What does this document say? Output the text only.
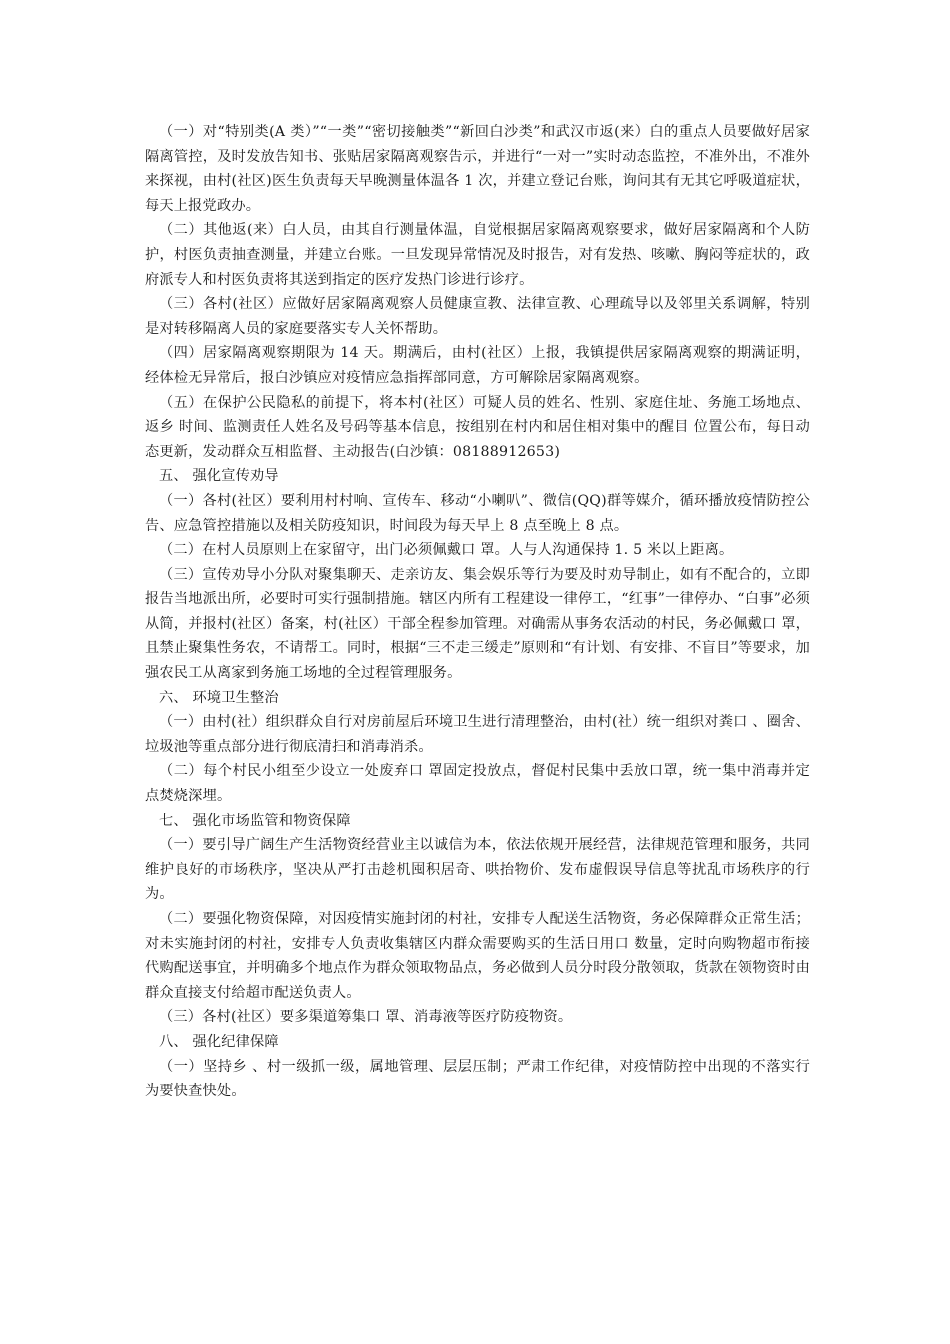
（一）对“特别类(A 类）”“一类”“密切接触类”“新回白沙类”和武汉市返(来）白的重点人员要做好居家隔离管控，及时发放告知书、张贴居家隔离观察告示，并进行“一对一”实时动态监控，不准外出，不准外来探视，由村(社区)医生负责每天早晚测量体温各 1 次，并建立登记台账，询问其有无其它呼吸道症状，每天上报党政办。

（二）其他返(来）白人员，由其自行测量体温，自觉根据居家隔离观察要求，做好居家隔离和个人防护，村医负责抽查测量，并建立台账。一旦发现异常情况及时报告，对有发热、咳嗽、胸闷等症状的，政府派专人和村医负责将其送到指定的医疗发热门诊进行诊疗。

（三）各村(社区）应做好居家隔离观察人员健康宣教、法律宣教、心理疏导以及邻里关系调解，特别是对转移隔离人员的家庭要落实专人关怀帮助。

（四）居家隔离观察期限为 14 天。期满后，由村(社区）上报，我镇提供居家隔离观察的期满证明，经体检无异常后，报白沙镇应对疫情应急指挥部同意，方可解除居家隔离观察。

（五）在保护公民隐私的前提下，将本村(社区）可疑人员的姓名、性别、家庭住址、务施工场地点、返乡 时间、监测责任人姓名及号码等基本信息，按组别在村内和居住相对集中的醒目 位置公布，每日动态更新，发动群众互相监督、主动报告(白沙镇：08188912653)

五、 强化宣传劝导

（一）各村(社区）要利用村村响、宣传车、移动“小喇叭”、微信(QQ)群等媒介，循环播放疫情防控公告、应急管控措施以及相关防疫知识，时间段为每天早上 8 点至晚上 8 点。

（二）在村人员原则上在家留守，出门必须佩戴口 罩。人与人沟通保持 1. 5 米以上距离。

（三）宣传劝导小分队对聚集聊天、走亲访友、集会娱乐等行为要及时劝导制止，如有不配合的，立即报告当地派出所，必要时可实行强制措施。辖区内所有工程建设一律停工，“红事”一律停办、“白事”必须从简，并报村(社区）备案，村(社区）干部全程参加管理。对确需从事务农活动的村民，务必佩戴口 罩，且禁止聚集性务农，不请帮工。同时，根据“三不走三缓走”原则和“有计划、有安排、不盲目”等要求，加强农民工从离家到务施工场地的全过程管理服务。

六、 环境卫生整治

（一）由村(社）组织群众自行对房前屋后环境卫生进行清理整治，由村(社）统一组织对粪口 、圈舍、垃圾池等重点部分进行彻底清扫和消毒消杀。

（二）每个村民小组至少设立一处废弃口 罩固定投放点，督促村民集中丢放口罩，统一集中消毒并定点焚烧深埋。

七、 强化市场监管和物资保障

（一）要引导广阔生产生活物资经营业主以诚信为本，依法依规开展经营，法律规范管理和服务，共同维护良好的市场秩序，坚决从严打击趁机囤积居奇、哄抬物价、发布虚假误导信息等扰乱市场秩序的行为。

（二）要强化物资保障，对因疫情实施封闭的村社，安排专人配送生活物资，务必保障群众正常生活；对未实施封闭的村社，安排专人负责收集辖区内群众需要购买的生活日用口 数量，定时向购物超市衔接代购配送事宜，并明确多个地点作为群众领取物品点，务必做到人员分时段分散领取，货款在领物资时由群众直接支付给超市配送负责人。

（三）各村(社区）要多渠道筹集口 罩、消毒液等医疗防疫物资。

八、 强化纪律保障

（一）坚持乡 、村一级抓一级，属地管理、层层压制；严肃工作纪律，对疫情防控中出现的不落实行为要快查快处。
